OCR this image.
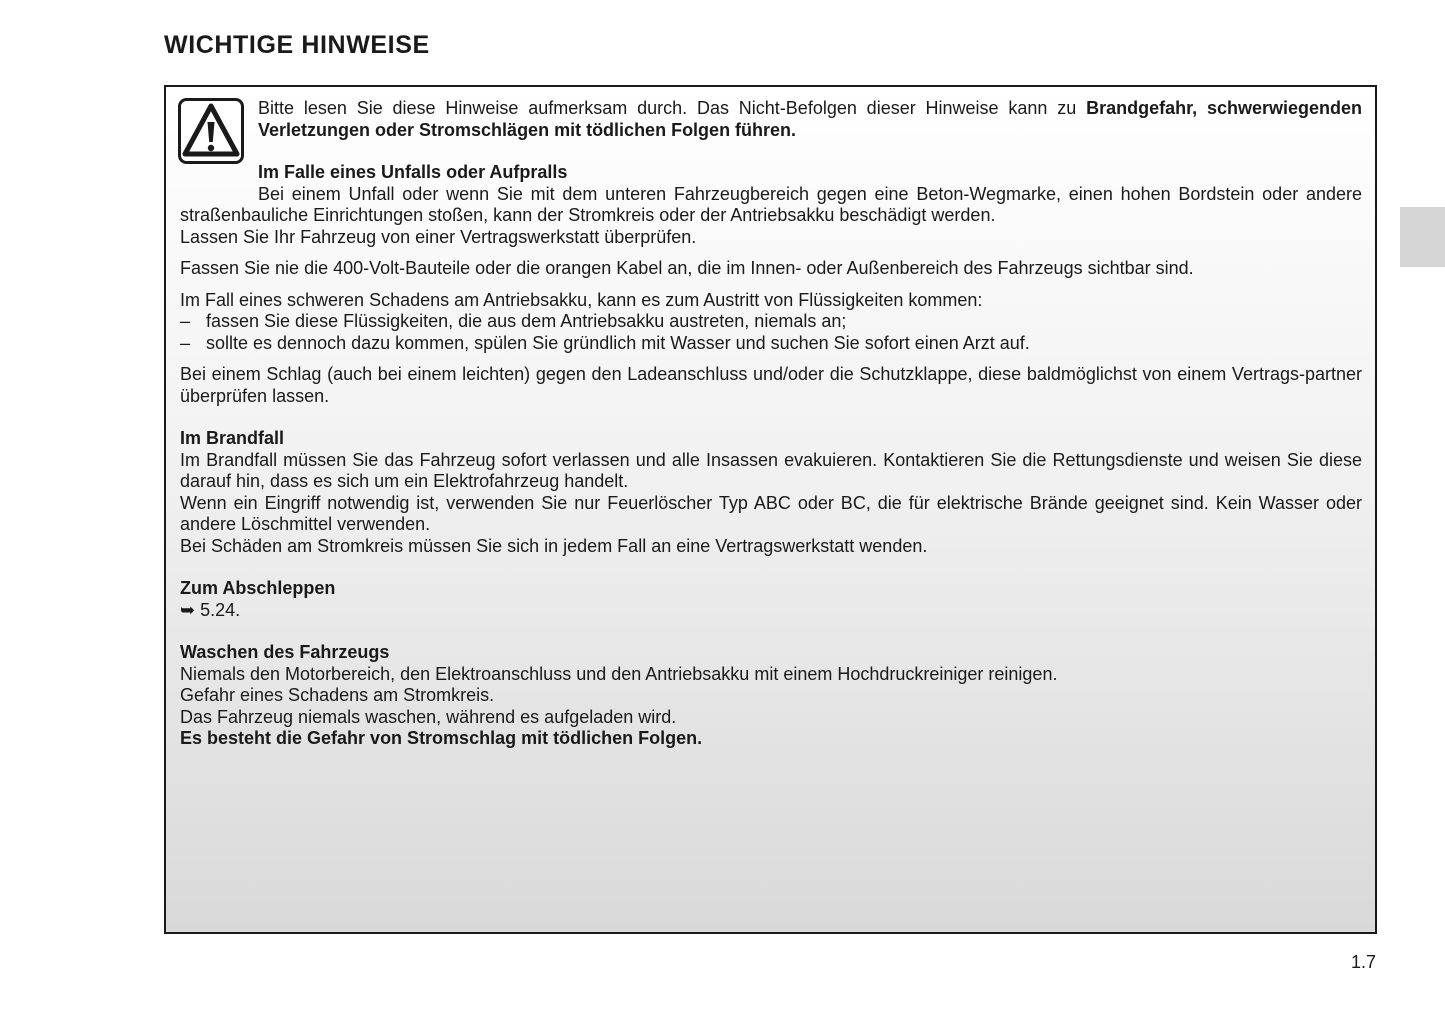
WICHTIGE HINWEISE

Bitte lesen Sie diese Hinweise aufmerksam durch. Das Nicht-Befolgen dieser Hinweise kann zu Brandgefahr, schwerwiegenden Verletzungen oder Stromschlägen mit tödlichen Folgen führen.

Im Falle eines Unfalls oder Aufpralls

Bei einem Unfall oder wenn Sie mit dem unteren Fahrzeugbereich gegen eine Beton-Wegmarke, einen hohen Bordstein oder andere straßenbauliche Einrichtungen stoßen, kann der Stromkreis oder der Antriebsakku beschädigt werden.

Lassen Sie Ihr Fahrzeug von einer Vertragswerkstatt überprüfen.

Fassen Sie nie die 400-Volt-Bauteile oder die orangen Kabel an, die im Innen- oder Außenbereich des Fahrzeugs sichtbar sind.

Im Fall eines schweren Schadens am Antriebsakku, kann es zum Austritt von Flüssigkeiten kommen:

– fassen Sie diese Flüssigkeiten, die aus dem Antriebsakku austreten, niemals an;
– sollte es dennoch dazu kommen, spülen Sie gründlich mit Wasser und suchen Sie sofort einen Arzt auf.

Bei einem Schlag (auch bei einem leichten) gegen den Ladeanschluss und/oder die Schutzklappe, diese baldmöglichst von einem Vertrags-partner überprüfen lassen.

Im Brandfall

Im Brandfall müssen Sie das Fahrzeug sofort verlassen und alle Insassen evakuieren. Kontaktieren Sie die Rettungsdienste und weisen Sie diese darauf hin, dass es sich um ein Elektrofahrzeug handelt.

Wenn ein Eingriff notwendig ist, verwenden Sie nur Feuerlöscher Typ ABC oder BC, die für elektrische Brände geeignet sind. Kein Wasser oder andere Löschmittel verwenden.

Bei Schäden am Stromkreis müssen Sie sich in jedem Fall an eine Vertragswerkstatt wenden.

Zum Abschleppen

➥ 5.24.

Waschen des Fahrzeugs

Niemals den Motorbereich, den Elektroanschluss und den Antriebsakku mit einem Hochdruckreiniger reinigen.

Gefahr eines Schadens am Stromkreis.

Das Fahrzeug niemals waschen, während es aufgeladen wird.

Es besteht die Gefahr von Stromschlag mit tödlichen Folgen.

1.7
